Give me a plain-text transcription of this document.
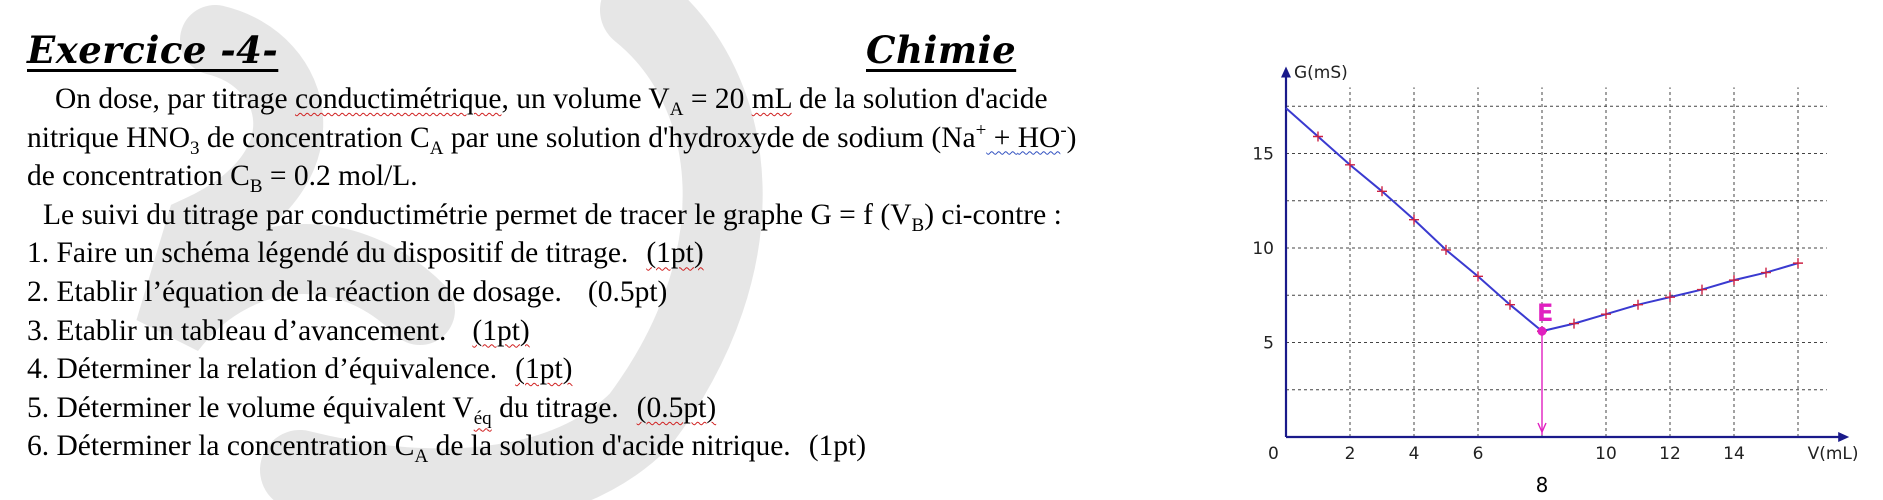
Exercice -4-	Chimie
On dose, par titrage conductimétrique, un volume $V_A = 20$ mL de la solution d'acide
nitrique $HNO_3$ de concentration $C_A$ par une solution d'hydroxyde de sodium (Na+ + HO-)
de concentration $C_B = 0.2$ mol/L.
Le suivi du titrage par conductimétrie permet de tracer le graphe G = f $(V_B)$ ci-contre :
1. Faire un schéma légendé du dispositif de titrage. (1pt)
2. Etablir l’équation de la réaction de dosage. (0.5pt)
3. Etablir un tableau d’avancement. (1pt)
4. Déterminer la relation d’équivalence. (1pt)
5. Déterminer le volume équivalent $V_{éq}$ du titrage. (0.5pt)
6. Déterminer la concentration $C_A$ de la solution d'acide nitrique. (1pt)
G(mS)
V(mL)
0	2	4	6	10 12 14
5
10
15
E
8
